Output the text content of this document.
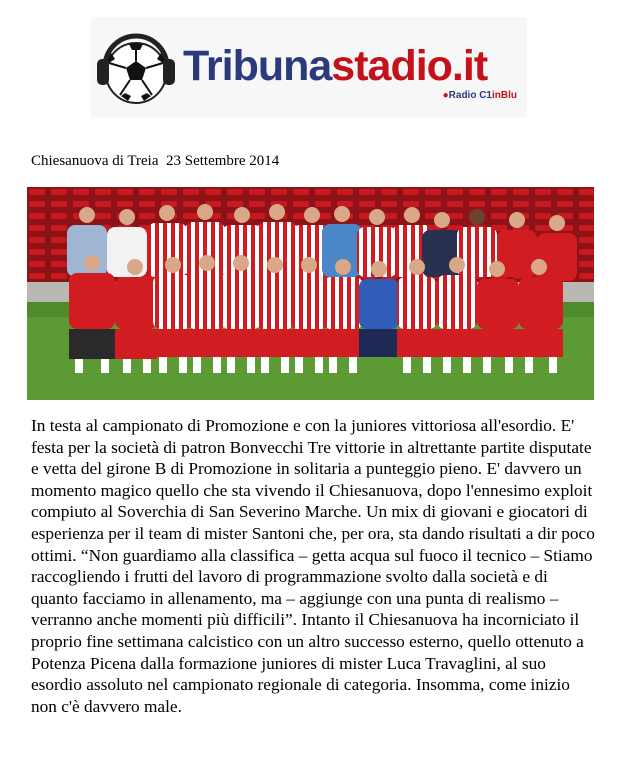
Tribunastadio.it
●Radio C1inBlu
Chiesanuova di Treia  23 Settembre 2014

In testa al campionato di Promozione e con la juniores vittoriosa all'esordio. E' festa per la società di patron Bonvecchi Tre vittorie in altrettante partite disputate e vetta del girone B di Promozione in solitaria a punteggio pieno. E' davvero un momento magico quello che sta vivendo il Chiesanuova, dopo l'ennesimo exploit compiuto al Soverchia di San Severino Marche. Un mix di giovani e giocatori di esperienza per il team di mister Santoni che, per ora, sta dando risultati a dir poco ottimi. “Non guardiamo alla classifica – getta acqua sul fuoco il tecnico – Stiamo raccogliendo i frutti del lavoro di programmazione svolto dalla società e di quanto facciamo in allenamento, ma – aggiunge con una punta di realismo – verranno anche momenti più difficili”. Intanto il Chiesanuova ha incorniciato il proprio fine settimana calcistico con un altro successo esterno, quello ottenuto a Potenza Picena dalla formazione juniores di mister Luca Travaglini, al suo esordio assoluto nel campionato regionale di categoria. Insomma, come inizio non c'è davvero male.
